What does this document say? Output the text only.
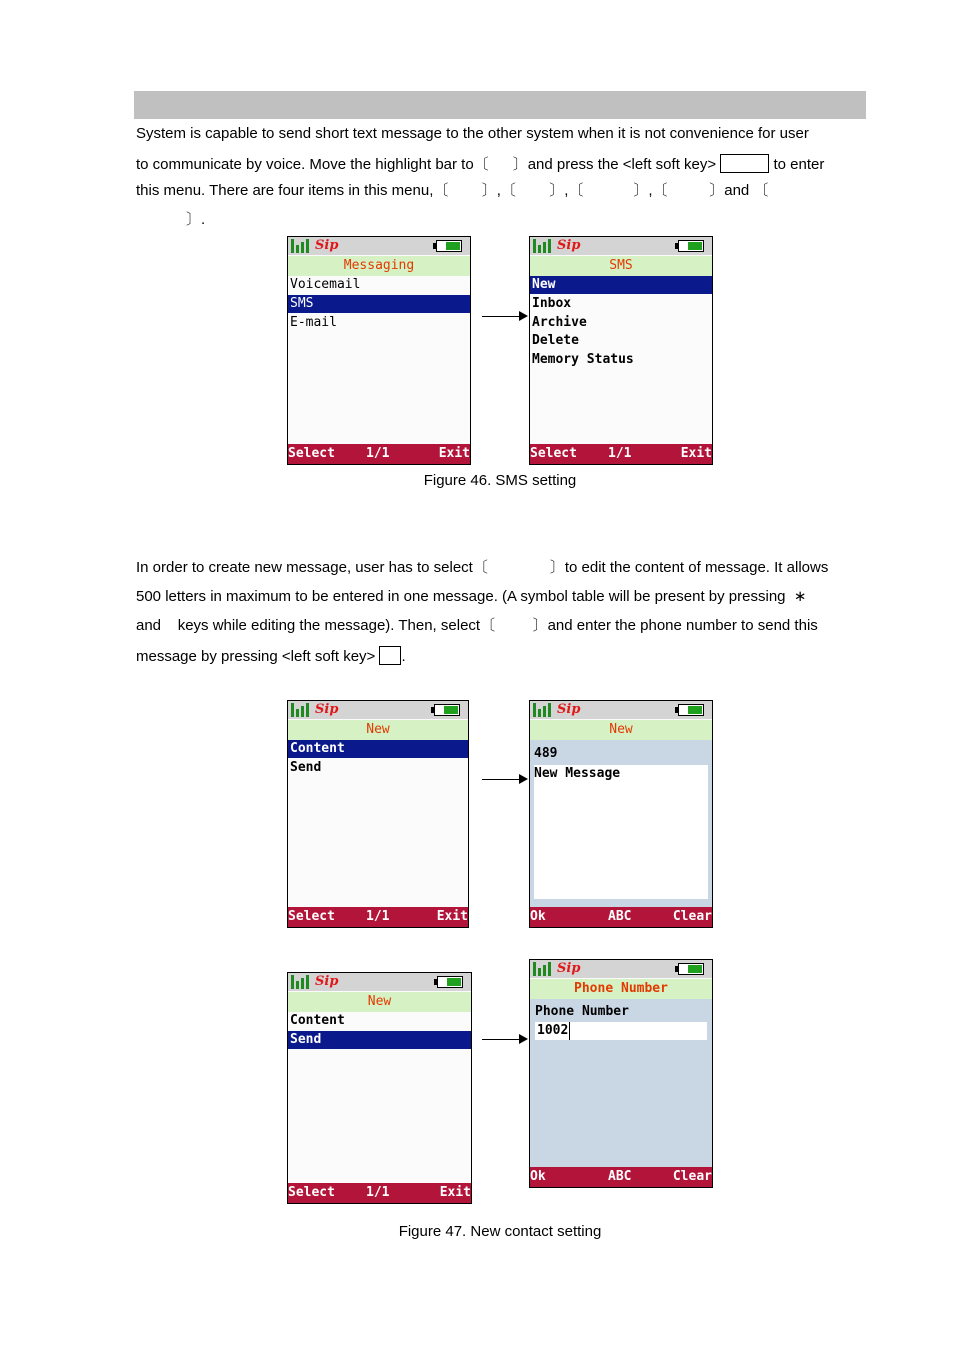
System is capable to send short text message to the other system when it is not convenience for user
to communicate by voice. Move the highlight bar to〔 〕and press the <left soft key>	to enter
this menu. There are four items in this menu,〔        〕,〔        〕,〔            〕,〔          〕and 〔
〕.
Sip
Messaging
Voicemail
SMS
E-mail
Select 1/1	Exit
Sip
SMS
New
Inbox
Archive
Delete
Memory Status
Select 1/1	Exit
Figure 46. SMS setting
In order to create new message, user has to select〔	〕to edit the content of message. It allows
500 letters in maximum to be entered in one message. (A symbol table will be present by pressing  ∗
and    keys while editing the message). Then, select〔         〕and enter the phone number to send this
message by pressing <left soft key> .
Sip
New
Content
Send
Select 1/1	Exit
Sip
New
489
New Message
Ok	ABC	Clear
Sip
New
Content
Send
Select 1/1	Exit
Sip
Phone Number
Phone Number
1002
Ok	ABC	Clear
Figure 47. New contact setting
